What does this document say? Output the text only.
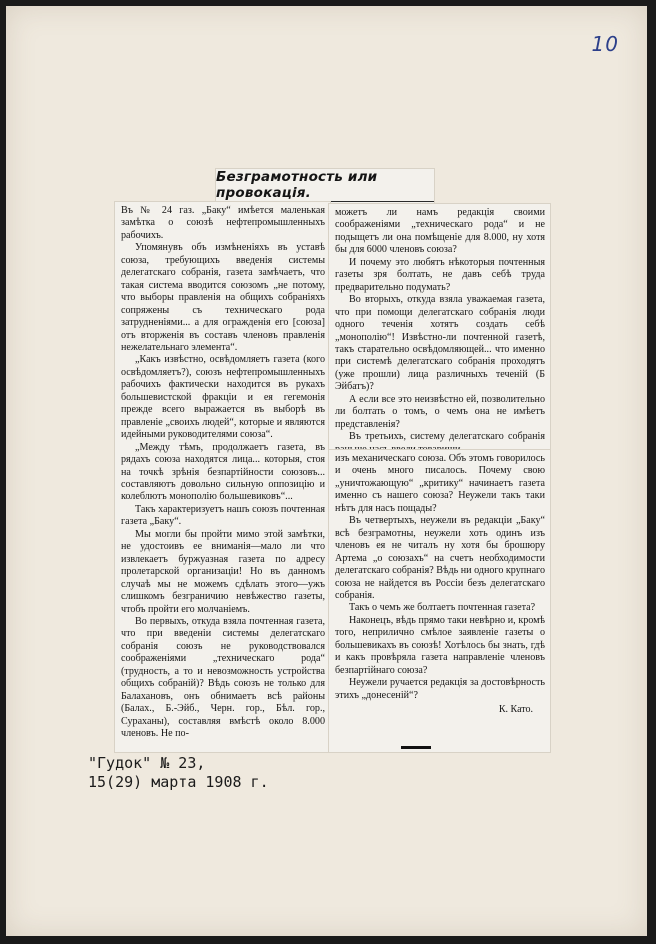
10
Безграмотность или провокація.

Въ № 24 газ. „Баку“ имѣется маленькая замѣтка о союзѣ нефтепромышленныхъ рабочихъ.

Упомянувъ объ измѣненіяхъ въ уставѣ союза, требующихъ введенія системы делегатскаго собранія, газета замѣчаетъ, что такая система вводится союзомъ „не потому, что выборы правленія на общихъ собраніяхъ сопряжены съ техническаго рода затрудненіями... а для огражденія его [союза] отъ вторженія въ составъ членовъ правленія нежелательнаго элемента“.

„Какъ извѣстно, освѣдомляетъ газета (кого освѣдомляетъ?), союзъ нефтепромышленныхъ рабочихъ фактически находится въ рукахъ большевистской фракціи и ея гегемонія прежде всего выражается въ выборѣ въ правленіе „своихъ людей“, которые и являются идейными руководителями союза“.

„Между тѣмъ, продолжаетъ газета, въ рядахъ союза находятся лица... которыя, стоя на точкѣ зрѣнія безпартійности союзовъ... составляютъ довольно сильную оппозицію и колеблютъ монополію большевиковъ“...

Такъ характеризуетъ нашъ союзъ почтенная газета „Баку“.

Мы могли бы пройти мимо этой замѣтки, не удостоивъ ее вниманія—мало ли что извлекаетъ буржуазная газета по адресу пролетарской организаціи! Но въ данномъ случаѣ мы не можемъ сдѣлать этого—ужъ слишкомъ безграничию невѣжество газеты, чтобъ пройти его молчаніемъ.

Во первыхъ, откуда взяла почтенная газета, что при введеніи системы делегатскаго собранія союзъ не руководствовался соображеніями „техническаго рода“ (трудность, а то и невозможность устройства общихъ собраній)? Вѣдь союзъ не только для Балахановъ, онъ обнимаетъ всѣ районы (Балах., Б.-Эйб., Черн. гор., Бѣл. гор., Сураханы), составляя вмѣстѣ около 8.000 членовъ. Не по-

можетъ ли намъ редакція своими соображеніями „техническаго рода“ и не подыщетъ ли она помѣщеніе для 8.000, ну хотя бы для 6000 членовъ союза?

И почему это любятъ нѣкоторыя почтенныя газеты зря болтать, не давъ себѣ труда предварительно подумать?

Во вторыхъ, откуда взяла уважаемая газета, что при помощи делегатскаго собранія люди одного теченія хотятъ создать себѣ „монополію“! Извѣстно-ли почтенной газетѣ, такъ старательно освѣдомляющей... что именно при системѣ делегатскаго собранія проходятъ (уже прошли) лица различныхъ теченій (Б Эйбатъ)?

А если все это неизвѣстно ей, позволительно ли болтать о томъ, о чемъ она не имѣетъ представленія?

Въ третьихъ, систему делегатскаго собранія

изъ механическаго союза. Объ этомъ говорилось и очень много писалось. Почему свою „уничтожающую“ „критику“ начинаетъ газета именно съ нашего союза? Неужели такъ таки нѣтъ для насъ пощады?

Въ четвертыхъ, неужели въ редакціи „Баку“ всѣ безграмотны, неужели хоть одинъ изъ членовъ ея не читалъ ну хотя бы брошюру Артема „о союзахъ“ на счетъ необходимости делегатскаго собранія? Вѣдь ни одного крупнаго союза не найдется въ Россіи безъ делегатскаго собранія.

Такъ о чемъ же болтаетъ почтенная газета?

Наконецъ, вѣдь прямо таки невѣрно и, кромѣ того, неприлично смѣлое заявленіе газеты о большевикахъ въ союзѣ! Хотѣлось бы знать, гдѣ и какъ провѣряла газета направленіе членовъ безпартійнаго союза?

Неужели ручается редакція за достовѣрность этихъ „донесеній“?

К. Като.
"Гудок" № 23,
15(29) марта 1908 г.
